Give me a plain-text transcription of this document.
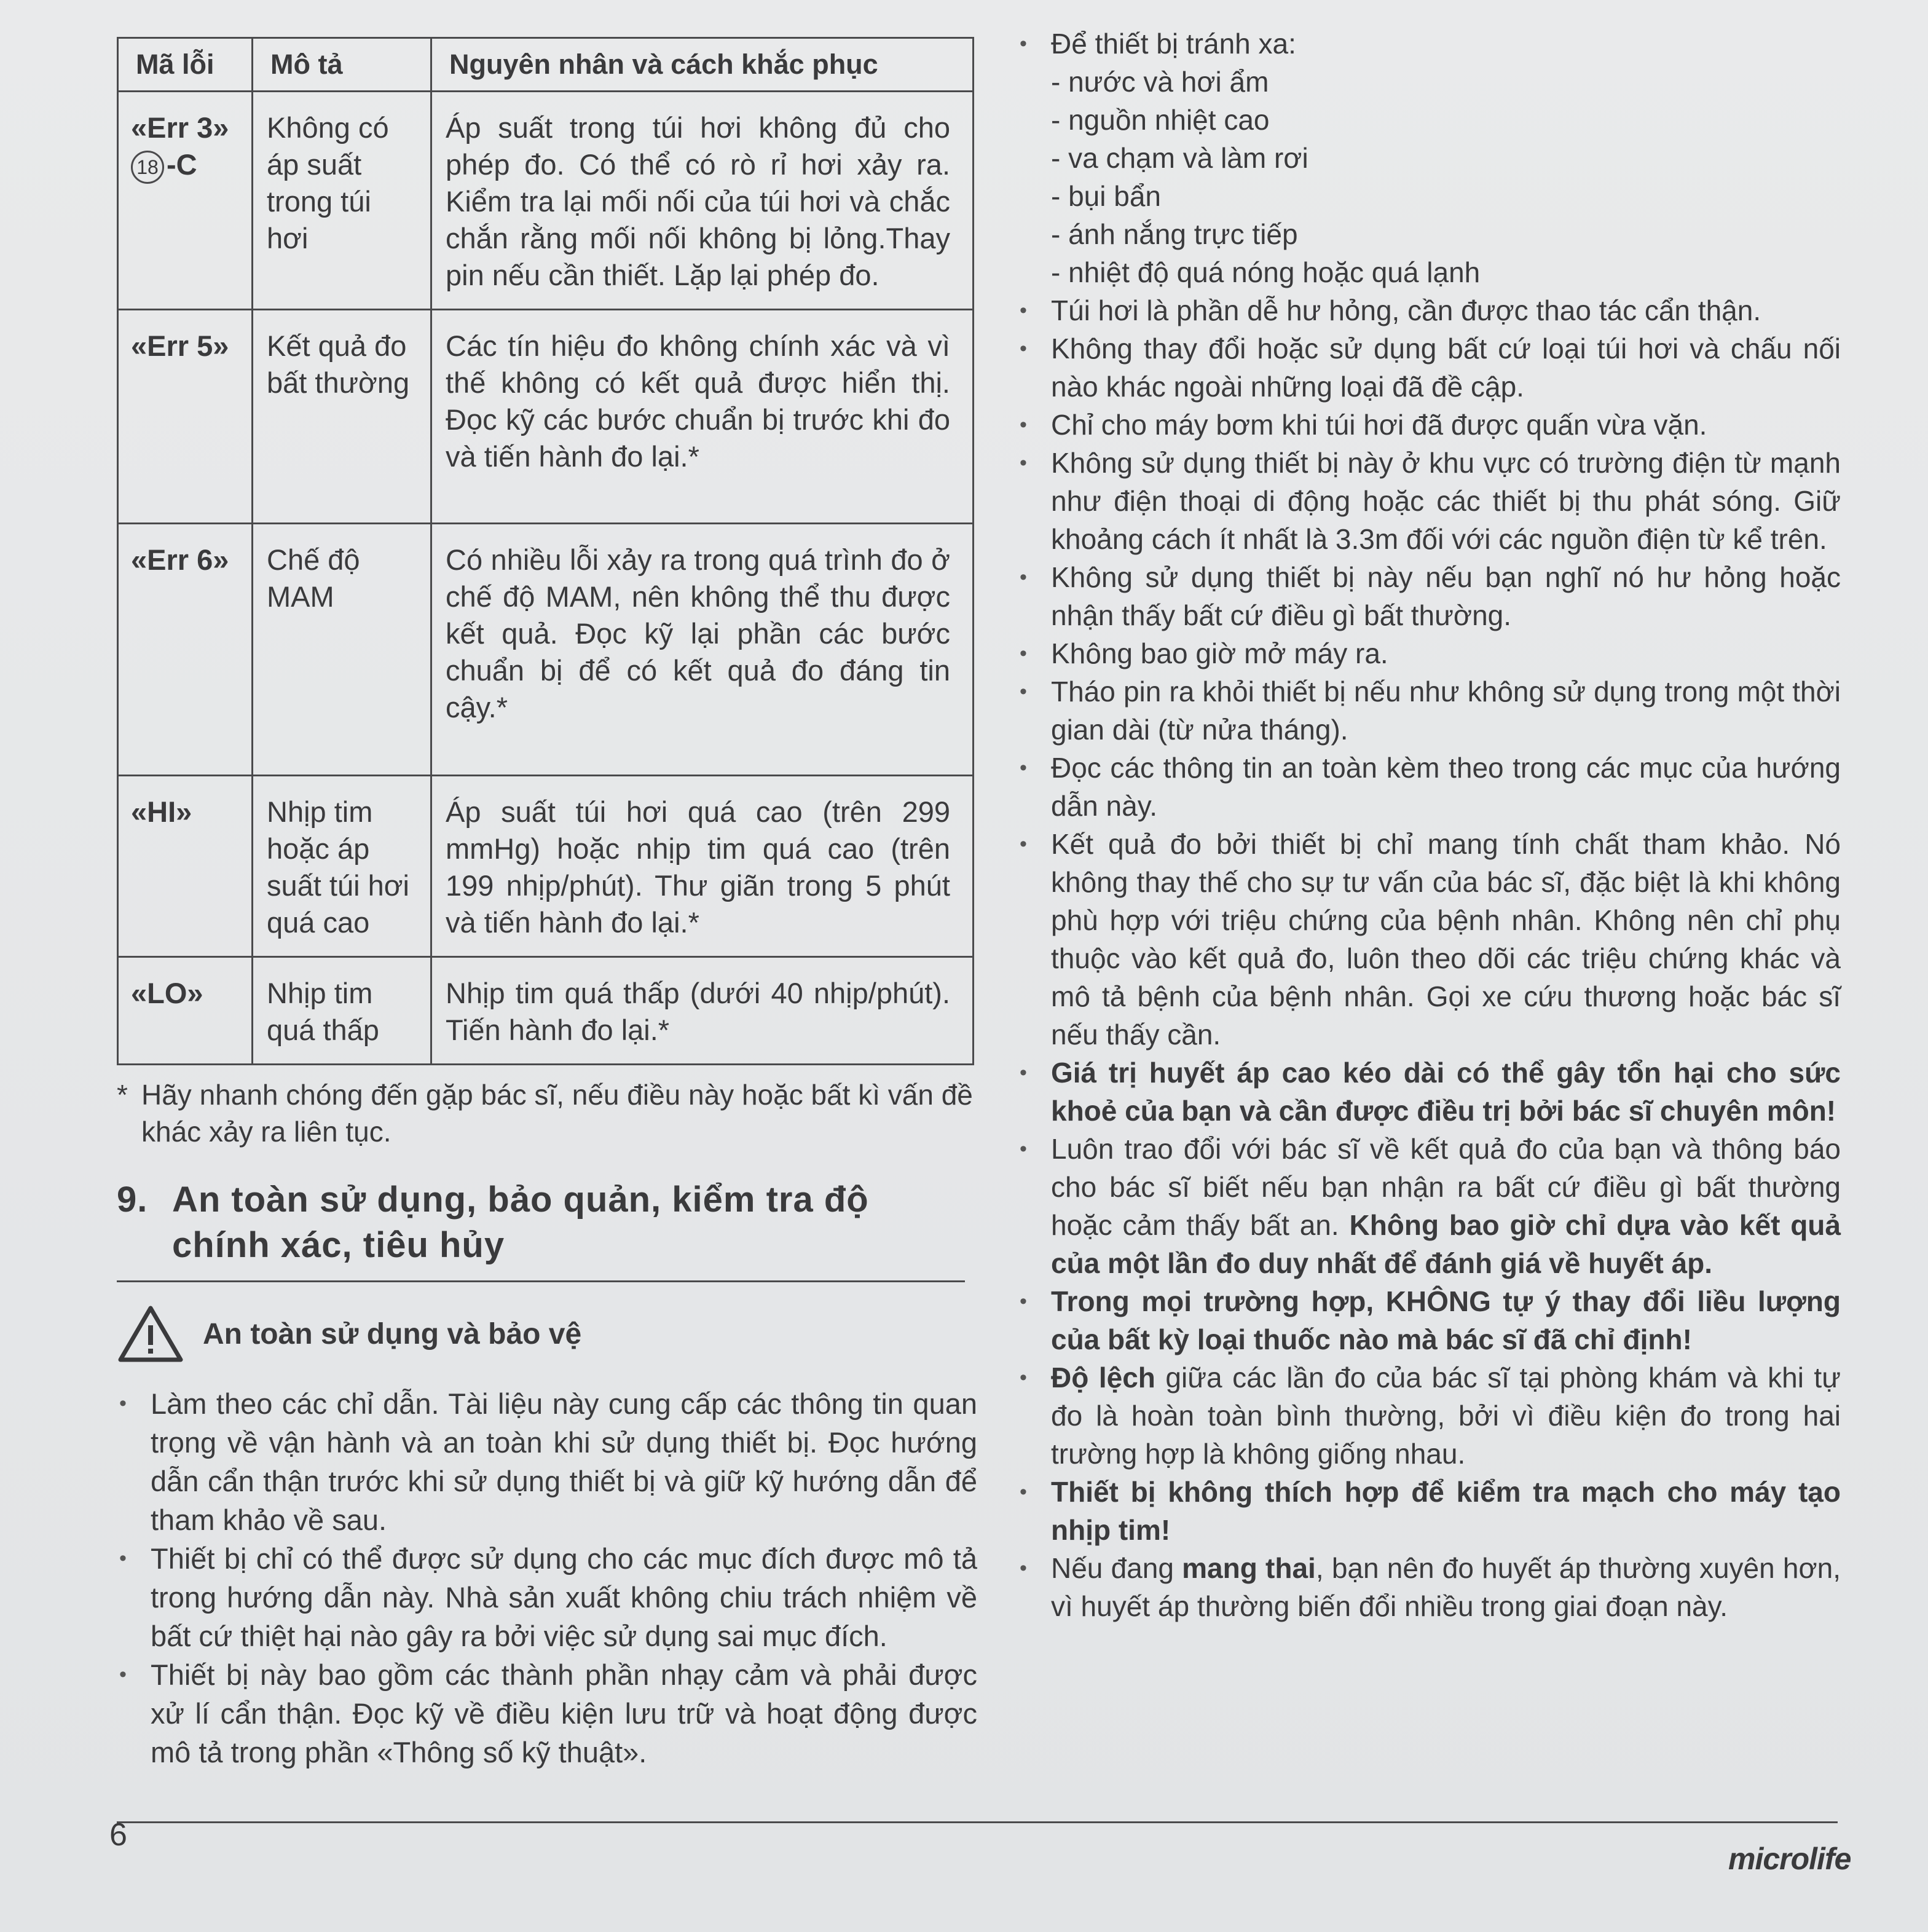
Mã lỗi	Mô tả	Nguyên nhân và cách khắc phục
«Err 3»
18 -C	Không có áp suất trong túi hơi	Áp suất trong túi hơi không đủ cho phép đo. Có thể có rò rỉ hơi xảy ra. Kiểm tra lại mối nối của túi hơi và chắc chắn rằng mối nối không bị lỏng.Thay pin nếu cần thiết. Lặp lại phép đo.
«Err 5»	Kết quả đo bất thường	Các tín hiệu đo không chính xác và vì thế không có kết quả được hiển thị. Đọc kỹ các bước chuẩn bị trước khi đo và tiến hành đo lại.*
«Err 6»	Chế độ MAM	Có nhiều lỗi xảy ra trong quá trình đo ở chế độ MAM, nên không thể thu được kết quả. Đọc kỹ lại phần các bước chuẩn bị để có kết quả đo đáng tin cậy.*
«HI»	Nhịp tim hoặc áp suất túi hơi quá cao	Áp suất túi hơi quá cao (trên 299 mmHg) hoặc nhịp tim quá cao (trên 199 nhịp/phút). Thư giãn trong 5 phút và tiến hành đo lại.*
«LO»	Nhịp tim quá thấp	Nhịp tim quá thấp (dưới 40 nhịp/phút). Tiến hành đo lại.*
* Hãy nhanh chóng đến gặp bác sĩ, nếu điều này hoặc bất kì vấn đề khác xảy ra liên tục.
9. An toàn sử dụng, bảo quản, kiểm tra độ chính xác, tiêu hủy
An toàn sử dụng và bảo vệ
• Làm theo các chỉ dẫn. Tài liệu này cung cấp các thông tin quan trọng về vận hành và an toàn khi sử dụng thiết bị. Đọc hướng dẫn cẩn thận trước khi sử dụng thiết bị và giữ kỹ hướng dẫn để tham khảo về sau.
• Thiết bị chỉ có thể được sử dụng cho các mục đích được mô tả trong hướng dẫn này. Nhà sản xuất không chiu trách nhiệm về bất cứ thiệt hại nào gây ra bởi việc sử dụng sai mục đích.
• Thiết bị này bao gồm các thành phần nhạy cảm và phải được xử lí cẩn thận. Đọc kỹ về điều kiện lưu trữ và hoạt động được mô tả trong phần «Thông số kỹ thuật».
• Để thiết bị tránh xa:
- nước và hơi ẩm
- nguồn nhiệt cao
- va chạm và làm rơi
- bụi bẩn
- ánh nắng trực tiếp
- nhiệt độ quá nóng hoặc quá lạnh
• Túi hơi là phần dễ hư hỏng, cần được thao tác cẩn thận.
• Không thay đổi hoặc sử dụng bất cứ loại túi hơi và chấu nối nào khác ngoài những loại đã đề cập.
• Chỉ cho máy bơm khi túi hơi đã được quấn vừa vặn.
• Không sử dụng thiết bị này ở khu vực có trường điện từ mạnh như điện thoại di động hoặc các thiết bị thu phát sóng. Giữ khoảng cách ít nhất là 3.3m đối với các nguồn điện từ kể trên.
• Không sử dụng thiết bị này nếu bạn nghĩ nó hư hỏng hoặc nhận thấy bất cứ điều gì bất thường.
• Không bao giờ mở máy ra.
• Tháo pin ra khỏi thiết bị nếu như không sử dụng trong một thời gian dài (từ nửa tháng).
• Đọc các thông tin an toàn kèm theo trong các mục của hướng dẫn này.
• Kết quả đo bởi thiết bị chỉ mang tính chất tham khảo. Nó không thay thế cho sự tư vấn của bác sĩ, đặc biệt là khi không phù hợp với triệu chứng của bệnh nhân. Không nên chỉ phụ thuộc vào kết quả đo, luôn theo dõi các triệu chứng khác và mô tả bệnh của bệnh nhân. Gọi xe cứu thương hoặc bác sĩ nếu thấy cần.
• Giá trị huyết áp cao kéo dài có thể gây tổn hại cho sức khoẻ của bạn và cần được điều trị bởi bác sĩ chuyên môn!
• Luôn trao đổi với bác sĩ về kết quả đo của bạn và thông báo cho bác sĩ biết nếu bạn nhận ra bất cứ điều gì bất thường hoặc cảm thấy bất an. Không bao giờ chỉ dựa vào kết quả của một lần đo duy nhất để đánh giá về huyết áp.
• Trong mọi trường hợp, KHÔNG tự ý thay đổi liều lượng của bất kỳ loại thuốc nào mà bác sĩ đã chỉ định!
• Độ lệch giữa các lần đo của bác sĩ tại phòng khám và khi tự đo là hoàn toàn bình thường, bởi vì điều kiện đo trong hai trường hợp là không giống nhau.
• Thiết bị không thích hợp để kiểm tra mạch cho máy tạo nhịp tim!
• Nếu đang mang thai, bạn nên đo huyết áp thường xuyên hơn, vì huyết áp thường biến đổi nhiều trong giai đoạn này.
6
microlife
